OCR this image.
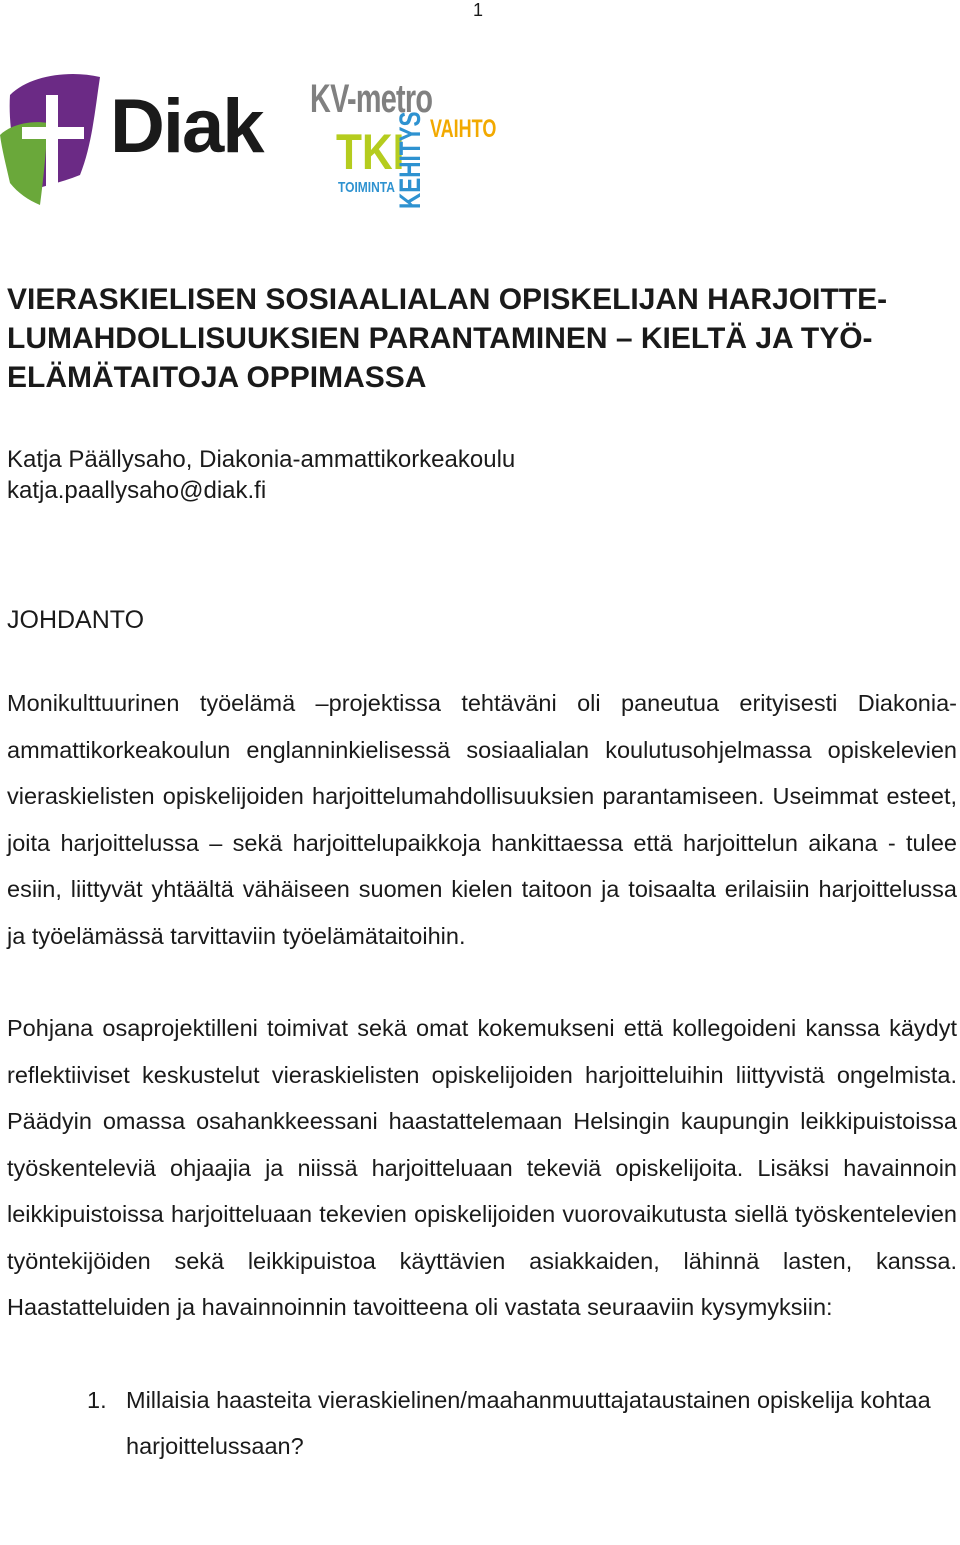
1
Diak KV-metro
TKI
TOIMINTA KEHITYS VAIHTO
VIERASKIELISEN SOSIAALIALAN OPISKELIJAN HARJOITTE-
LUMAHDOLLISUUKSIEN PARANTAMINEN – KIELTÄ JA TYÖ-
ELÄMÄTAITOJA OPPIMASSA
Katja Päällysaho, Diakonia-ammattikorkeakoulu
katja.paallysaho@diak.fi
JOHDANTO

Monikulttuurinen työelämä –projektissa tehtäväni oli paneutua erityisesti Diakonia-ammattikorkeakoulun englanninkielisessä sosiaalialan koulutusohjelmassa opiskelevien vieraskielisten opiskelijoiden harjoittelumahdollisuuksien parantamiseen. Useimmat esteet, joita harjoittelussa – sekä harjoittelupaikkoja hankittaessa että harjoittelun aikana - tulee esiin, liittyvät yhtäältä vähäiseen suomen kielen taitoon ja toisaalta erilaisiin harjoittelussa ja työelämässä tarvittaviin työelämätaitoihin.

Pohjana osaprojektilleni toimivat sekä omat kokemukseni että kollegoideni kanssa käydyt reflektiiviset keskustelut vieraskielisten opiskelijoiden harjoitteluihin liittyvistä ongelmista. Päädyin omassa osahankkeessani haastattelemaan Helsingin kaupungin leikkipuistoissa työskenteleviä ohjaajia ja niissä harjoitteluaan tekeviä opiskelijoita. Lisäksi havainnoin leikkipuistoissa harjoitteluaan tekevien opiskelijoiden vuorovaikutusta siellä työskentelevien työntekijöiden sekä leikkipuistoa käyttävien asiakkaiden, lähinnä lasten, kanssa. Haastatteluiden ja havainnoinnin tavoitteena oli vastata seuraaviin kysymyksiin:

1. Millaisia haasteita vieraskielinen/maahanmuuttajataustainen opiskelija kohtaa harjoittelussaan?
